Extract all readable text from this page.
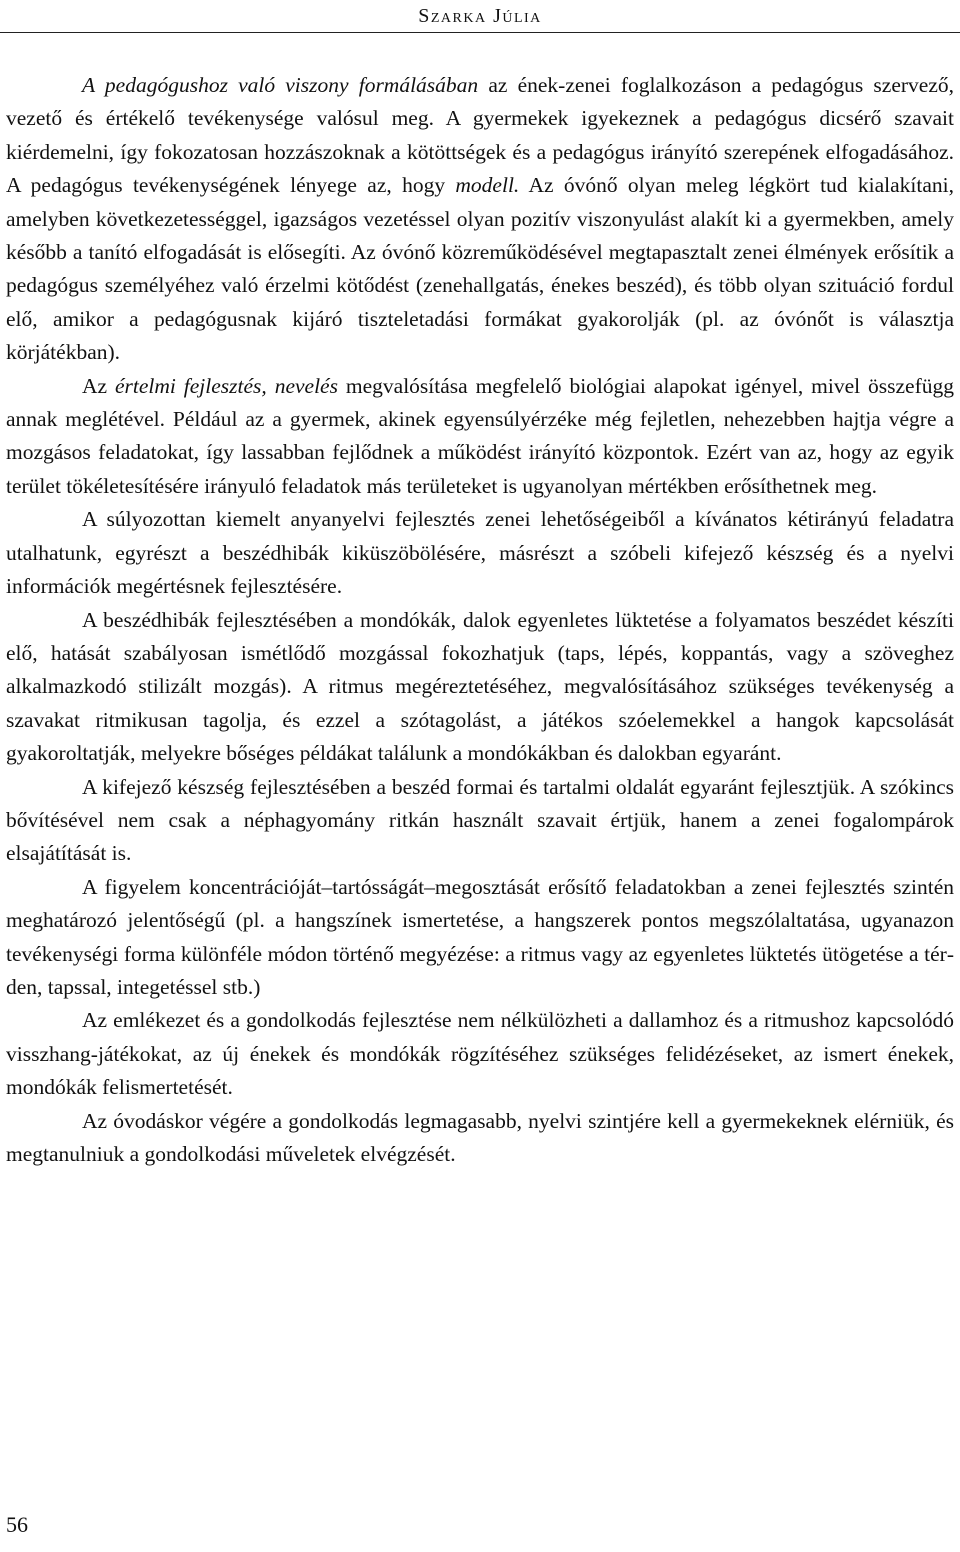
Szarka Júlia

A pedagógushoz való viszony formálásában az ének-zenei foglalkozáson a pedagógus szervező, vezető és értékelő tevékenysége valósul meg. A gyermekek igyekeznek a pedagógus dicsérő szavait kiérdemelni, így fokozatosan hozzászoknak a kötöttségek és a pedagógus irányító szerepének elfogadásához. A pedagógus tevékenységének lényege az, hogy modell. Az óvónő olyan meleg légkört tud kialakítani, amelyben következetességgel, igazságos vezetéssel olyan pozitív viszonyulást alakít ki a gyermekben, amely később a tanító elfogadását is elősegíti. Az óvónő közreműködésével megtapasztalt zenei élmények erősítik a pedagógus személyéhez való érzelmi kötődést (zenehallgatás, énekes beszéd), és több olyan szituáció fordul elő, amikor a pedagógusnak kijáró tiszteletadási formákat gyakorolják (pl. az óvónőt is választja körjátékban).

Az értelmi fejlesztés, nevelés megvalósítása megfelelő biológiai alapokat igényel, mivel összefügg annak meglétével. Például az a gyermek, akinek egyensúlyérzéke még fejletlen, nehezebben hajtja végre a mozgásos feladatokat, így lassabban fejlődnek a működést irányító központok. Ezért van az, hogy az egyik terület tökéletesítésére irányuló feladatok más területeket is ugyanolyan mértékben erősíthetnek meg.

A súlyozottan kiemelt anyanyelvi fejlesztés zenei lehetőségeiből a kívánatos kétirányú feladatra utalhatunk, egyrészt a beszédhibák kiküszöbölésére, másrészt a szóbeli kifejező készség és a nyelvi információk megértésnek fejlesztésére.

A beszédhibák fejlesztésében a mondókák, dalok egyenletes lüktetése a folyamatos beszédet készíti elő, hatását szabályosan ismétlődő mozgással fokozhatjuk (taps, lépés, koppantás, vagy a szöveghez alkalmazkodó stilizált mozgás). A ritmus megéreztetéséhez, megvalósításához szükséges tevékenység a szavakat ritmikusan tagolja, és ezzel a szótagolást, a játékos szóelemekkel a hangok kapcsolását gyakoroltatják, melyekre bőséges példákat találunk a mondókákban és dalokban egyaránt.

A kifejező készség fejlesztésében a beszéd formai és tartalmi oldalát egyaránt fejlesztjük. A szókincs bővítésével nem csak a néphagyomány ritkán használt szavait értjük, hanem a zenei fogalompárok elsajátítását is.

A figyelem koncentrációját–tartósságát–megosztását erősítő feladatokban a zenei fejlesztés szintén meghatározó jelentőségű (pl. a hangszínek ismertetése, a hangszerek pontos megszólaltatása, ugyanazon tevékenységi forma különféle módon történő megyézése: a ritmus vagy az egyenletes lüktetés ütögetése a térden, tapssal, integetéssel stb.)

Az emlékezet és a gondolkodás fejlesztése nem nélkülözheti a dallamhoz és a ritmushoz kapcsolódó visszhang-játékokat, az új énekek és mondókák rögzítéséhez szükséges felidézéseket, az ismert énekek, mondókák felismertetését.

Az óvodáskor végére a gondolkodás legmagasabb, nyelvi szintjére kell a gyermekeknek elérniük, és megtanulniuk a gondolkodási műveletek elvégzését.

56
